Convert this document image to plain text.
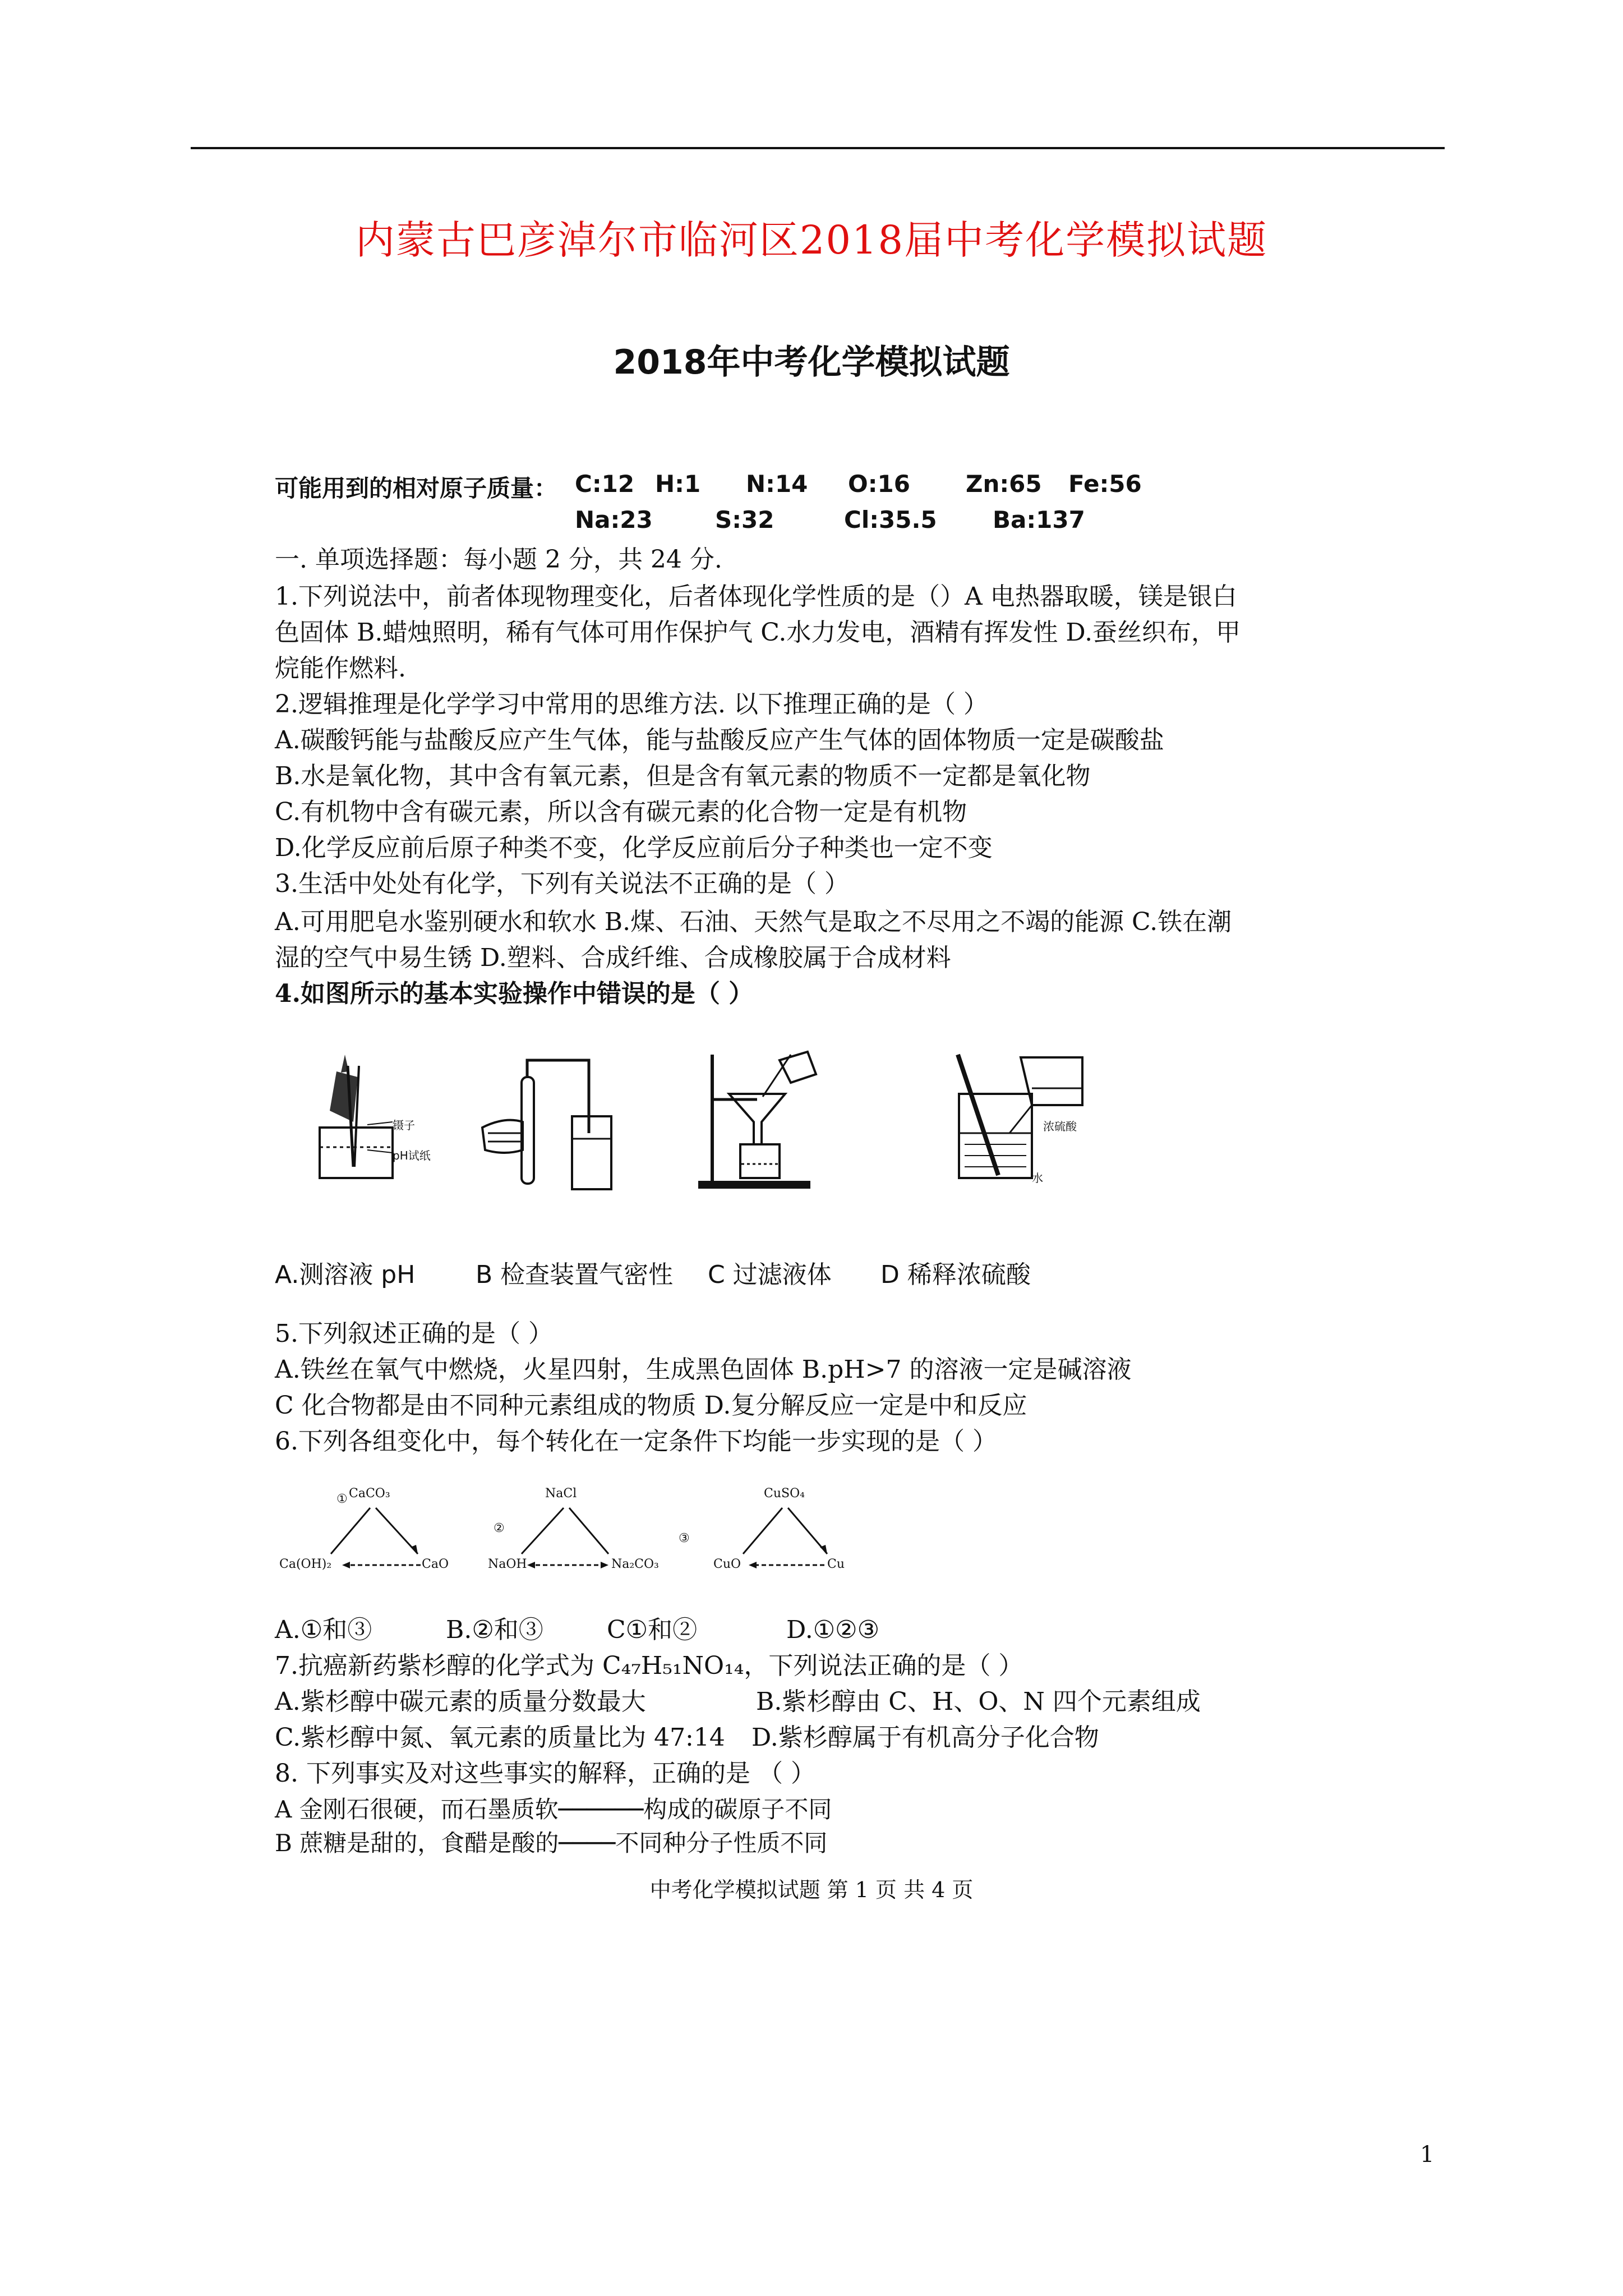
内蒙古巴彦淖尔市临河区2018届中考化学模拟试题
2018年中考化学模拟试题
可能用到的相对原子质量： C:12 H:1 N:14 O:16 Zn:65 Fe:56
Na:23	S:32	Cl:35.5 Ba:137
一. 单项选择题：每小题 2 分，共 24 分.
1.下列说法中，前者体现物理变化，后者体现化学性质的是（）A 电热器取暖，镁是银白
色固体 B.蜡烛照明，稀有气体可用作保护气 C.水力发电，酒精有挥发性 D.蚕丝织布，甲
烷能作燃料.
2.逻辑推理是化学学习中常用的思维方法. 以下推理正确的是（ ）
A.碳酸钙能与盐酸反应产生气体，能与盐酸反应产生气体的固体物质一定是碳酸盐
B.水是氧化物，其中含有氧元素，但是含有氧元素的物质不一定都是氧化物
C.有机物中含有碳元素，所以含有碳元素的化合物一定是有机物
D.化学反应前后原子种类不变，化学反应前后分子种类也一定不变
3.生活中处处有化学，下列有关说法不正确的是（ ）
A.可用肥皂水鉴别硬水和软水 B.煤、石油、天然气是取之不尽用之不竭的能源 C.铁在潮
湿的空气中易生锈 D.塑料、合成纤维、合成橡胶属于合成材料
4.如图所示的基本实验操作中错误的是（ ）
镊子
pH试纸
浓硫酸
水
A.测溶液 pH B 检查装置气密性 C 过滤液体 D 稀释浓硫酸
5.下列叙述正确的是（ ）
A.铁丝在氧气中燃烧，火星四射，生成黑色固体 B.pH>7 的溶液一定是碱溶液
C 化合物都是由不同种元素组成的物质 D.复分解反应一定是中和反应
6.下列各组变化中，每个转化在一定条件下均能一步实现的是（ ）
① CaCO₃
Ca(OH)₂	CaO
②
NaCl
NaOH	Na₂CO₃
③
CuSO₄
CuO	Cu
A.①和③	B.②和③	C①和②	D.①②③
7.抗癌新药紫杉醇的化学式为 C₄₇H₅₁NO₁₄，下列说法正确的是（ ）
A.紫杉醇中碳元素的质量分数最大	B.紫杉醇由 C、H、O、N 四个元素组成
C.紫杉醇中氮、氧元素的质量比为 47:14 D.紫杉醇属于有机高分子化合物
8. 下列事实及对这些事实的解释，正确的是 （ ）
A 金刚石很硬，而石墨质软──────构成的碳原子不同
B 蔗糖是甜的，食醋是酸的────不同种分子性质不同
中考化学模拟试题 第 1 页 共 4 页
1
